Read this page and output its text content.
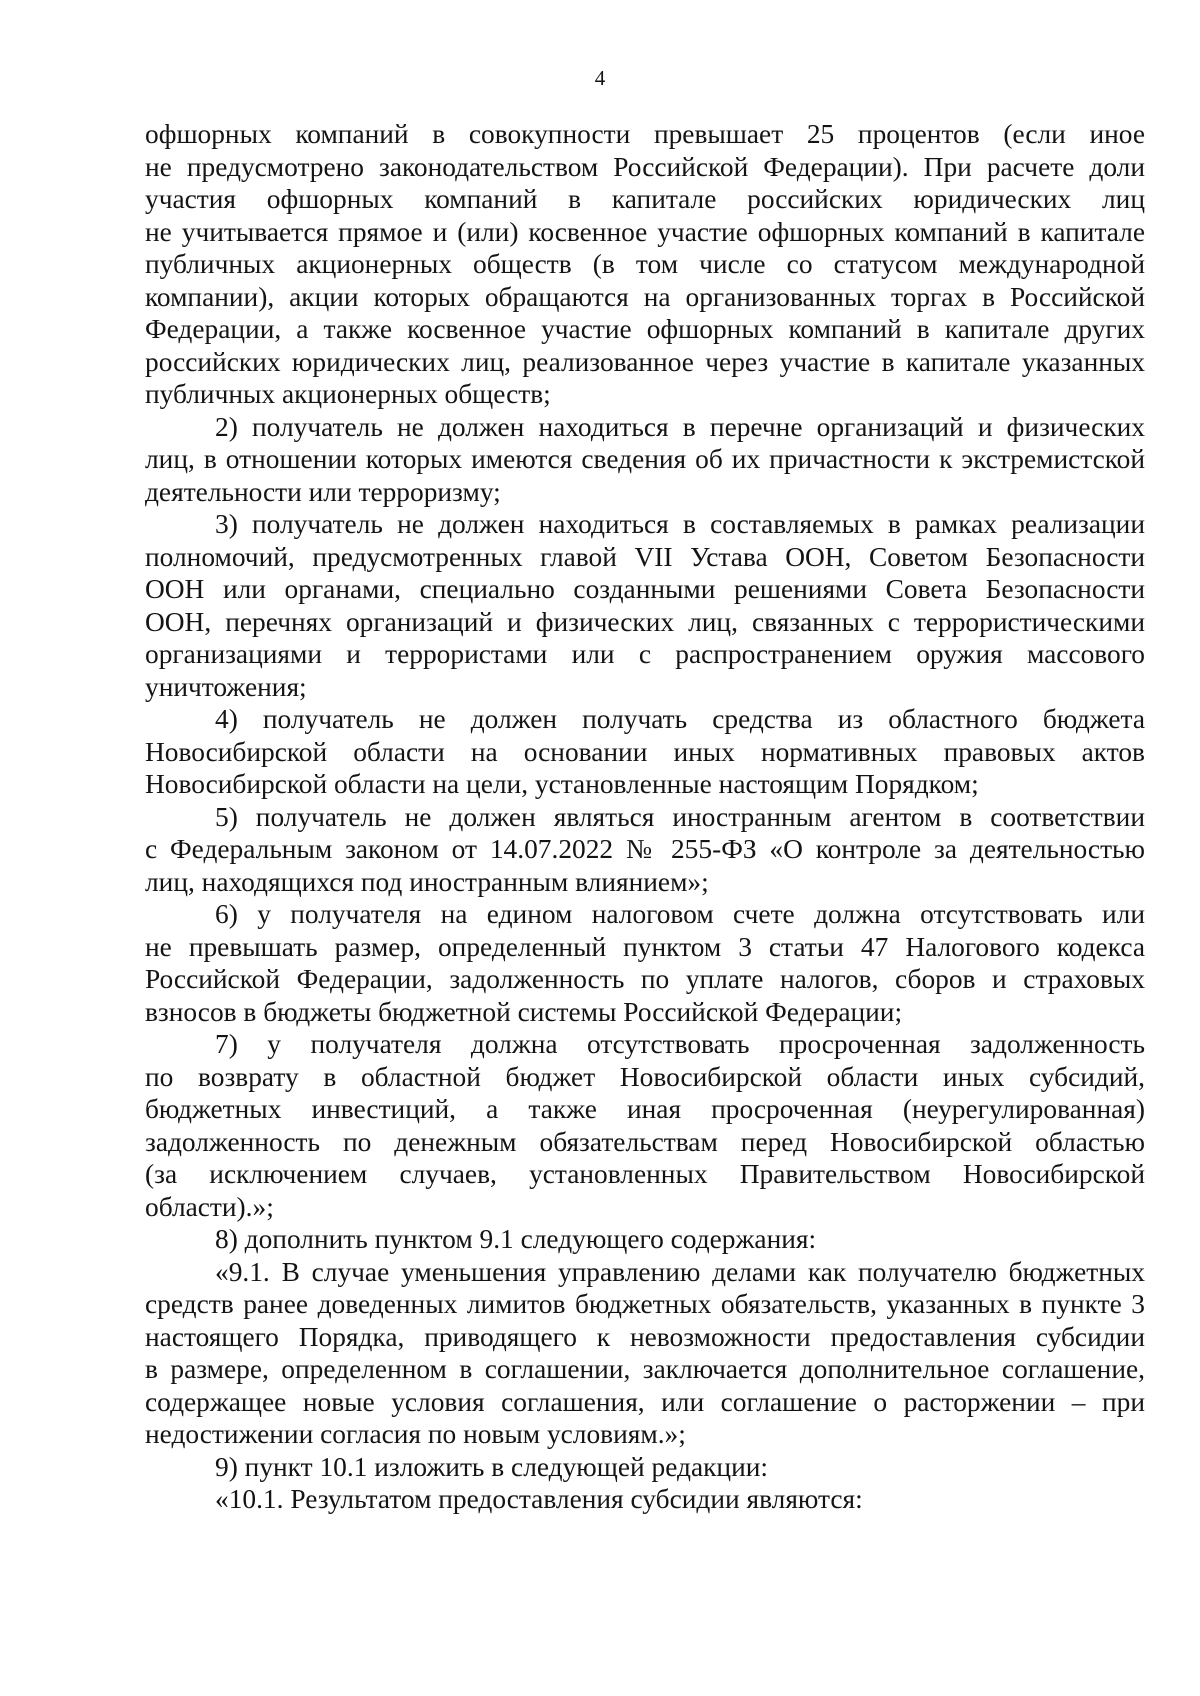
4
офшорных компаний в совокупности превышает 25 процентов (если иное
не предусмотрено законодательством Российской Федерации). При расчете доли
участия офшорных компаний в капитале российских юридических лиц
не учитывается прямое и (или) косвенное участие офшорных компаний в капитале
публичных акционерных обществ (в том числе со статусом международной
компании), акции которых обращаются на организованных торгах в Российской
Федерации, а также косвенное участие офшорных компаний в капитале других
российских юридических лиц, реализованное через участие в капитале указанных
публичных акционерных обществ;
2) получатель не должен находиться в перечне организаций и физических
лиц, в отношении которых имеются сведения об их причастности к экстремистской
деятельности или терроризму;
3) получатель не должен находиться в составляемых в рамках реализации
полномочий, предусмотренных главой VII Устава ООН, Советом Безопасности
ООН или органами, специально созданными решениями Совета Безопасности
ООН, перечнях организаций и физических лиц, связанных с террористическими
организациями и террористами или с распространением оружия массового
уничтожения;
4) получатель не должен получать средства из областного бюджета
Новосибирской области на основании иных нормативных правовых актов
Новосибирской области на цели, установленные настоящим Порядком;
5) получатель не должен являться иностранным агентом в соответствии
с Федеральным законом от 14.07.2022 № 255-ФЗ «О контроле за деятельностью
лиц, находящихся под иностранным влиянием»;
6) у получателя на едином налоговом счете должна отсутствовать или
не превышать размер, определенный пунктом 3 статьи 47 Налогового кодекса
Российской Федерации, задолженность по уплате налогов, сборов и страховых
взносов в бюджеты бюджетной системы Российской Федерации;
7) у получателя должна отсутствовать просроченная задолженность
по возврату в областной бюджет Новосибирской области иных субсидий,
бюджетных инвестиций, а также иная просроченная (неурегулированная)
задолженность по денежным обязательствам перед Новосибирской областью
(за исключением случаев, установленных Правительством Новосибирской
области).»;
8) дополнить пунктом 9.1 следующего содержания:
«9.1. В случае уменьшения управлению делами как получателю бюджетных
средств ранее доведенных лимитов бюджетных обязательств, указанных в пункте 3
настоящего Порядка, приводящего к невозможности предоставления субсидии
в размере, определенном в соглашении, заключается дополнительное соглашение,
содержащее новые условия соглашения, или соглашение о расторжении – при
недостижении согласия по новым условиям.»;
9) пункт 10.1 изложить в следующей редакции:
«10.1. Результатом предоставления субсидии являются:
